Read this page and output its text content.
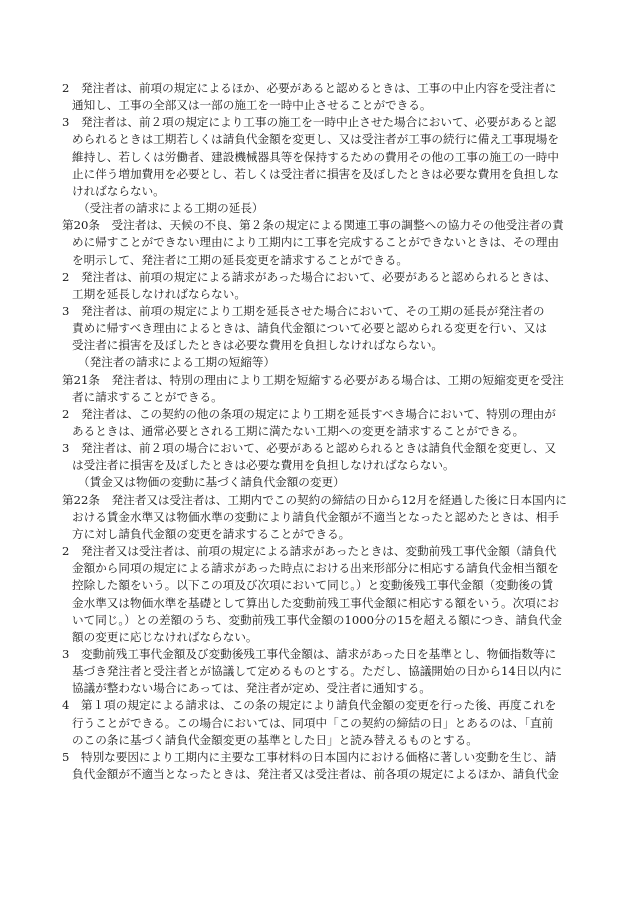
2　発注者は、前項の規定によるほか、必要があると認めるときは、工事の中止内容を受注者に
通知し、工事の全部又は一部の施工を一時中止させることができる。
3　発注者は、前２項の規定により工事の施工を一時中止させた場合において、必要があると認
められるときは工期若しくは請負代金額を変更し、又は受注者が工事の続行に備え工事現場を
維持し、若しくは労働者、建設機械器具等を保持するための費用その他の工事の施工の一時中
止に伴う増加費用を必要とし、若しくは受注者に損害を及ぼしたときは必要な費用を負担しな
ければならない。
（受注者の請求による工期の延長）
第20条　受注者は、天候の不良、第２条の規定による関連工事の調整への協力その他受注者の責
めに帰すことができない理由により工期内に工事を完成することができないときは、その理由
を明示して、発注者に工期の延長変更を請求することができる。
2　発注者は、前項の規定による請求があった場合において、必要があると認められるときは、
工期を延長しなければならない。
3　発注者は、前項の規定により工期を延長させた場合において、その工期の延長が発注者の
責めに帰すべき理由によるときは、請負代金額について必要と認められる変更を行い、又は
受注者に損害を及ぼしたときは必要な費用を負担しなければならない。
（発注者の請求による工期の短縮等）
第21条　発注者は、特別の理由により工期を短縮する必要がある場合は、工期の短縮変更を受注
者に請求することができる。
2　発注者は、この契約の他の条項の規定により工期を延長すべき場合において、特別の理由が
あるときは、通常必要とされる工期に満たない工期への変更を請求することができる。
3　発注者は、前２項の場合において、必要があると認められるときは請負代金額を変更し、又
は受注者に損害を及ぼしたときは必要な費用を負担しなければならない。
（賃金又は物価の変動に基づく請負代金額の変更）
第22条　発注者又は受注者は、工期内でこの契約の締結の日から12月を経過した後に日本国内に
おける賃金水準又は物価水準の変動により請負代金額が不適当となったと認めたときは、相手
方に対し請負代金額の変更を請求することができる。
2　発注者又は受注者は、前項の規定による請求があったときは、変動前残工事代金額（請負代
金額から同項の規定による請求があった時点における出来形部分に相応する請負代金相当額を
控除した額をいう。以下この項及び次項において同じ。）と変動後残工事代金額（変動後の賃
金水準又は物価水準を基礎として算出した変動前残工事代金額に相応する額をいう。次項にお
いて同じ。）との差額のうち、変動前残工事代金額の1000分の15を超える額につき、請負代金
額の変更に応じなければならない。
3　変動前残工事代金額及び変動後残工事代金額は、請求があった日を基準とし、物価指数等に
基づき発注者と受注者とが協議して定めるものとする。ただし、協議開始の日から14日以内に
協議が整わない場合にあっては、発注者が定め、受注者に通知する。
4　第１項の規定による請求は、この条の規定により請負代金額の変更を行った後、再度これを
行うことができる。この場合においては、同項中「この契約の締結の日」とあるのは、「直前
のこの条に基づく請負代金額変更の基準とした日」と読み替えるものとする。
5　特別な要因により工期内に主要な工事材料の日本国内における価格に著しい変動を生じ、請
負代金額が不適当となったときは、発注者又は受注者は、前各項の規定によるほか、請負代金
